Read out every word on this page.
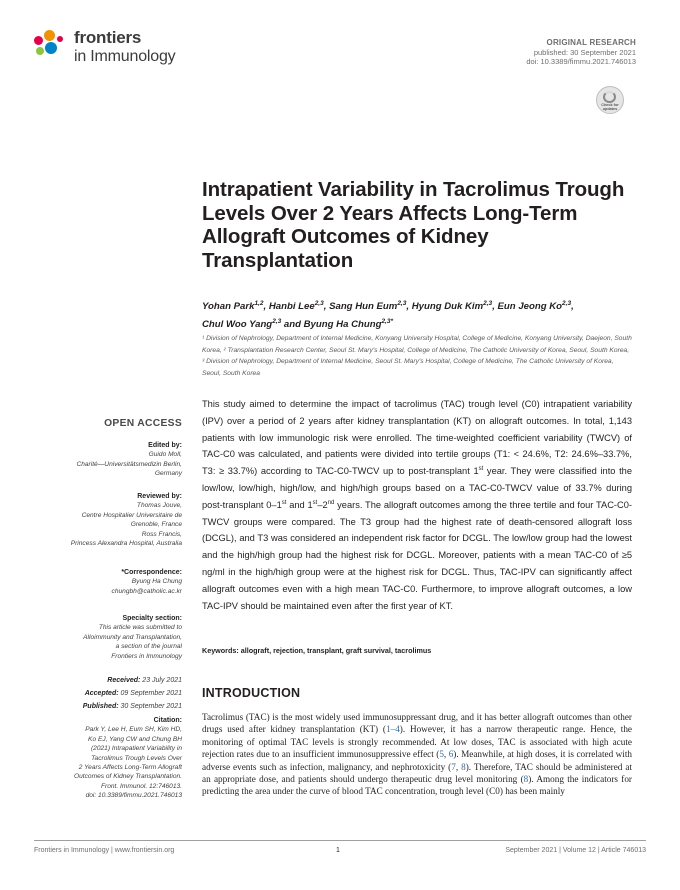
frontiers
in Immunology
ORIGINAL RESEARCH
published: 30 September 2021
doi: 10.3389/fimmu.2021.746013
Check for
updates
Intrapatient Variability in Tacrolimus Trough Levels Over 2 Years Affects Long-Term Allograft Outcomes of Kidney Transplantation
Yohan Park$^{1,2}$, Hanbi Lee$^{2,3}$, Sang Hun Eum$^{2,3}$, Hyung Duk Kim$^{2,3}$, Eun Jeong Ko$^{2,3}$,
Chul Woo Yang$^{2,3}$ and Byung Ha Chung$^{2,3*}$
¹ Division of Nephrology, Department of Internal Medicine, Konyang University Hospital, College of Medicine, Konyang University, Daejeon, South Korea, ² Transplantation Research Center, Seoul St. Mary's Hospital, College of Medicine, The Catholic University of Korea, Seoul, South Korea, ³ Division of Nephrology, Department of Internal Medicine, Seoul St. Mary's Hospital, College of Medicine, The Catholic University of Korea, Seoul, South Korea
This study aimed to determine the impact of tacrolimus (TAC) trough level (C0) intrapatient variability (IPV) over a period of 2 years after kidney transplantation (KT) on allograft outcomes. In total, 1,143 patients with low immunologic risk were enrolled. The time-weighted coefficient variability (TWCV) of TAC-C0 was calculated, and patients were divided into tertile groups (T1: < 24.6%, T2: 24.6%–33.7%, T3: ≥ 33.7%) according to TAC-C0-TWCV up to post-transplant 1st year. They were classified into the low/low, low/high, high/low, and high/high groups based on a TAC-C0-TWCV value of 33.7% during post-transplant 0–1st and 1st–2nd years. The allograft outcomes among the three tertile and four TAC-C0-TWCV groups were compared. The T3 group had the highest rate of death-censored allograft loss (DCGL), and T3 was considered an independent risk factor for DCGL. The low/low group had the lowest and the high/high group had the highest risk for DCGL. Moreover, patients with a mean TAC-C0 of ≥5 ng/ml in the high/high group were at the highest risk for DCGL. Thus, TAC-IPV can significantly affect allograft outcomes even with a high mean TAC-C0. Furthermore, to improve allograft outcomes, a low TAC-IPV should be maintained even after the first year of KT.
Keywords: allograft, rejection, transplant, graft survival, tacrolimus
INTRODUCTION
Tacrolimus (TAC) is the most widely used immunosuppressant drug, and it has better allograft outcomes than other drugs used after kidney transplantation (KT) (1–4). However, it has a narrow therapeutic range. Hence, the monitoring of optimal TAC levels is strongly recommended. At low doses, TAC is associated with high acute rejection rates due to an insufficient immunosuppressive effect (5, 6). Meanwhile, at high doses, it is correlated with adverse events such as infection, malignancy, and nephrotoxicity (7, 8). Therefore, TAC should be administered at an appropriate dose, and patients should undergo therapeutic drug level monitoring (8). Among the indicators for predicting the area under the curve of blood TAC concentration, trough level (C0) has been mainly
OPEN ACCESS
Edited by:
Guido Moll,
Charité—Universitätsmedizin Berlin,
Germany
Reviewed by:
Thomas Jouve,
Centre Hospitalier Universitaire de
Grenoble, France
Ross Francis,
Princess Alexandra Hospital, Australia
*Correspondence:
Byung Ha Chung
chungbh@catholic.ac.kr
Specialty section:
This article was submitted to
Alloimmunity and Transplantation,
a section of the journal
Frontiers in Immunology
Received: 23 July 2021
Accepted: 09 September 2021
Published: 30 September 2021
Citation:
Park Y, Lee H, Eum SH, Kim HD,
Ko EJ, Yang CW and Chung BH
(2021) Intrapatient Variability in
Tacrolimus Trough Levels Over
2 Years Affects Long-Term Allograft
Outcomes of Kidney Transplantation.
Front. Immunol. 12:746013.
doi: 10.3389/fimmu.2021.746013
Frontiers in Immunology | www.frontiersin.org	1	September 2021 | Volume 12 | Article 746013
